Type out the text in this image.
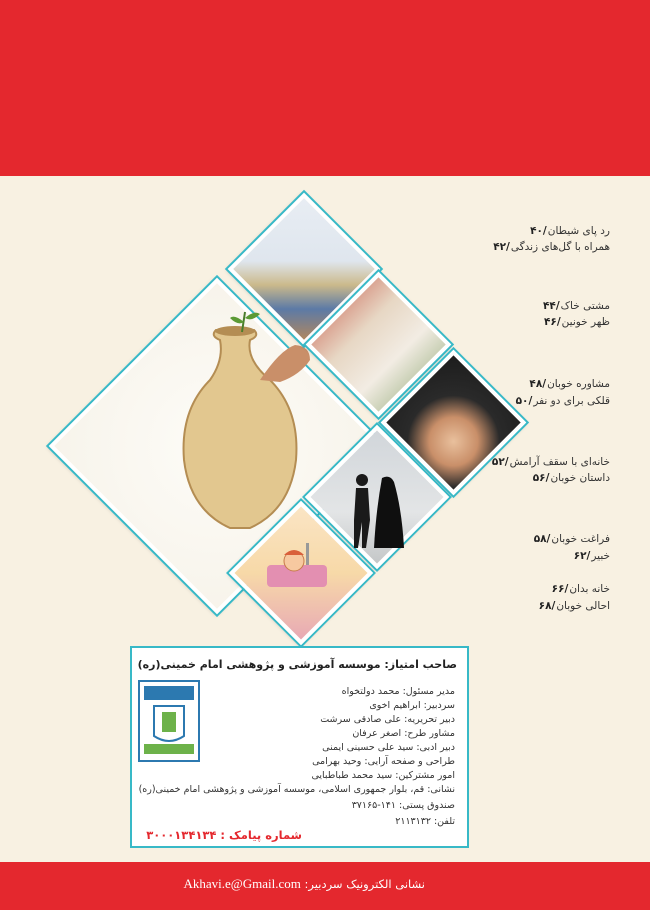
رد پای شیطان/۴۰
همراه با گل‌های زندگی/۴۲
مشتی خاک/۴۴
ظهر خونین/۴۶
مشاوره خوبان/۴۸
قلکی برای دو نفر/۵۰
خانه‌ای با سقف آرامش/۵۲
داستان خوبان/۵۶
فراغت خوبان/۵۸
خبیر/۶۲
خانه بدان/۶۶
احالی خوبان/۶۸
صاحب امتیاز: موسسه آموزشی و پژوهشی امام خمینی(ره)
مدیر مسئول: محمد دولتخواه
سردبیر: ابراهیم اخوی
دبیر تحریریه: علی صادقی سرشت
مشاور طرح: اصغر عرفان
دبیر ادبی: سید علی حسینی ایمنی
طراحی و صفحه آرایی: وحید بهرامی
امور مشترکین: سید محمد طباطبایی
نشانی: قم، بلوار جمهوری اسلامی، موسسه آموزشی و پژوهشی امام خمینی(ره)
صندوق پستی: ۱۴۱-۳۷۱۶۵
تلفن: ۲۱۱۳۱۳۲
شماره پیامک : ۳۰۰۰۱۳۴۱۳۴
نشانی الکترونیک سردبیر: Akhavi.e@Gmail.com
